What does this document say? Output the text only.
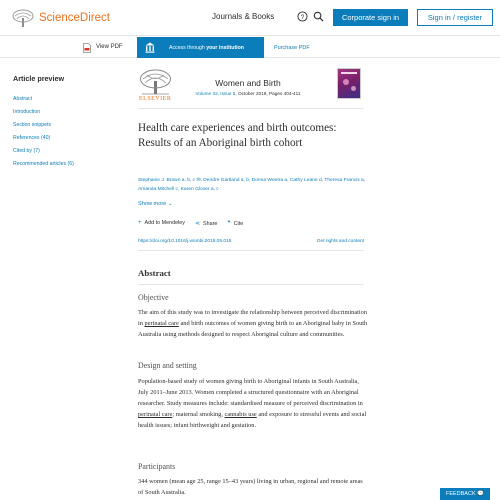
ScienceDirect	Journals & Books	?	Corporate sign in	Sign in / register
View PDF	Access through your institution	Purchase PDF
Article preview
Abstract
Introduction
Section snippets
References (40)
Cited by (7)
Recommended articles (6)
ELSEVIER
Women and Birth
Volume 32, Issue 5, October 2019, Pages 404-411
Health care experiences and birth outcomes: Results of an Aboriginal birth cohort
Stephanie J. Brown a, b, c ✉, Deirdre Gartland a, b, Donna Weetra a, Cathy Leane d, Theresa Francis a, Amanda Mitchell c, Karen Glover a, c
Show more ⌄
+ Add to Mendeley ⋖ Share ❞ Cite
https://doi.org/10.1016/j.wombi.2019.05.015	Get rights and content
Abstract
Objective

The aim of this study was to investigate the relationship between perceived discrimination in perinatal care and birth outcomes of women giving birth to an Aboriginal baby in South Australia using methods designed to respect Aboriginal culture and communities.

Design and setting

Population-based study of women giving birth to Aboriginal infants in South Australia, July 2011–June 2013. Women completed a structured questionnaire with an Aboriginal researcher. Study measures include: standardised measure of perceived discrimination in perinatal care; maternal smoking, cannabis use and exposure to stressful events and social health issues; infant birthweight and gestation.

Participants

344 women (mean age 25, range 15–43 years) living in urban, regional and remote areas of South Australia.	FEEDBACK 💬
